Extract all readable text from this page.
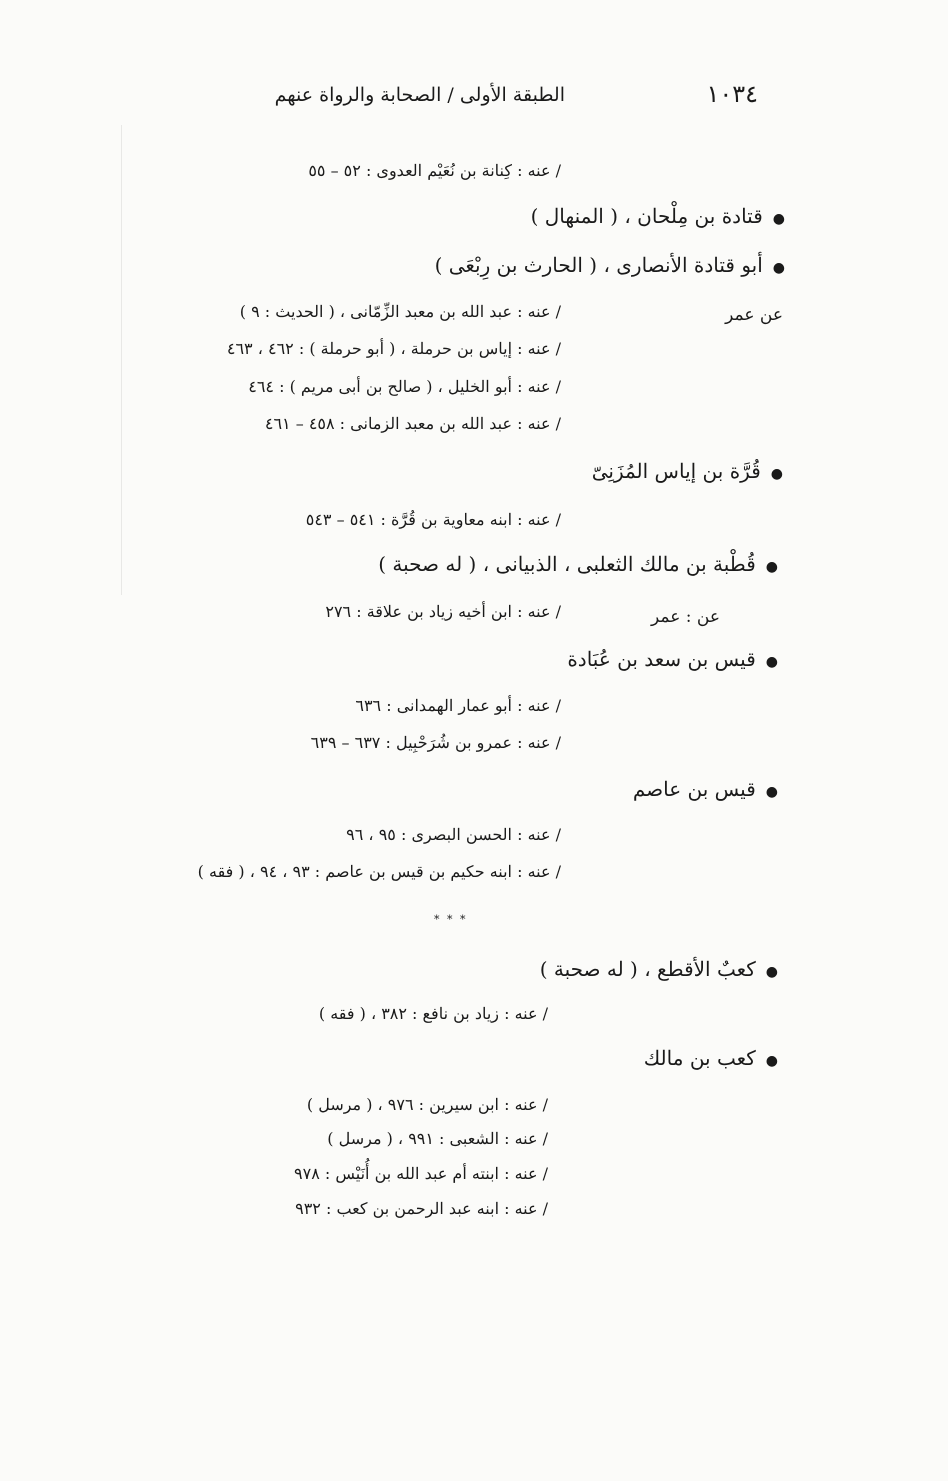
١٠٣٤
الطبقة الأولى / الصحابة والرواة عنهم
/ عنه : كِنانة بن نُعَيْم العدوى : ٥٢ – ٥٥
●قتادة بن مِلْحان ، ( المنهال )
●أبو قتادة الأنصارى ، ( الحارث بن رِبْعَى )
عن عمر
/ عنه : عبد الله بن معبد الزِّمّانى ، ( الحديث : ٩ )
/ عنه : إياس بن حرملة ، ( أبو حرملة ) : ٤٦٢ ، ٤٦٣
/ عنه : أبو الخليل ، ( صالح بن أبى مريم ) : ٤٦٤
/ عنه : عبد الله بن معبد الزمانى : ٤٥٨ – ٤٦١
●قُرَّة بن إياس المُزَنِىّ
/ عنه : ابنه معاوية بن قُرَّة : ٥٤١ – ٥٤٣
●قُطْبة بن مالك الثعلبى ، الذبيانى ، ( له صحبة )
/ عنه : ابن أخيه زياد بن علاقة : ٢٧٦	عن : عمر
●قيس بن سعد بن عُبَادة
/ عنه : أبو عمار الهمدانى : ٦٣٦
/ عنه : عمرو بن شُرَحْبِيل : ٦٣٧ – ٦٣٩
●قيس بن عاصم
/ عنه : الحسن البصرى : ٩٥ ، ٩٦
/ عنه : ابنه حكيم بن قيس بن عاصم : ٩٣ ، ٩٤ ، ( فقه )
* * *
●كعبٌ الأقطع ، ( له صحبة )
/ عنه : زياد بن نافع : ٣٨٢ ، ( فقه )
●كعب بن مالك
/ عنه : ابن سيرين : ٩٧٦ ، ( مرسل )
/ عنه : الشعبى : ٩٩١ ، ( مرسل )
/ عنه : ابنته أم عبد الله بن أُنَيْس : ٩٧٨
/ عنه : ابنه عبد الرحمن بن كعب : ٩٣٢
